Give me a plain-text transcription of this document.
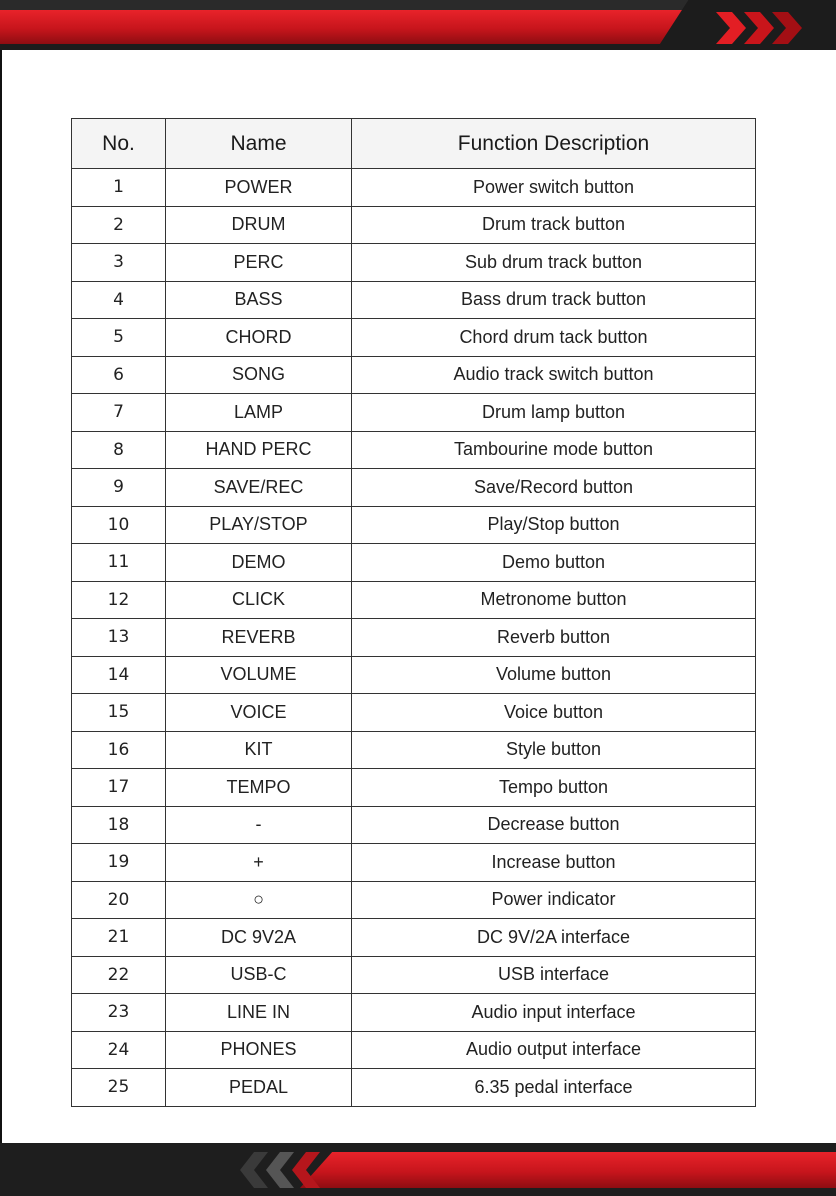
No.	Name	Function Description
1	POWER	Power switch button
2	DRUM	Drum track button
3	PERC	Sub drum track button
4	BASS	Bass drum track button
5	CHORD	Chord drum tack button
6	SONG	Audio track switch button
7	LAMP	Drum lamp button
8	HAND PERC	Tambourine mode button
9	SAVE/REC	Save/Record button
10	PLAY/STOP	Play/Stop button
11	DEMO	Demo button
12	CLICK	Metronome button
13	REVERB	Reverb button
14	VOLUME	Volume button
15	VOICE	Voice button
16	KIT	Style button
17	TEMPO	Tempo button
18	-	Decrease button
19	+	Increase button
20	○	Power indicator
21	DC 9V2A	DC 9V/2A interface
22	USB-C	USB interface
23	LINE IN	Audio input interface
24	PHONES	Audio output interface
25	PEDAL	6.35 pedal interface
